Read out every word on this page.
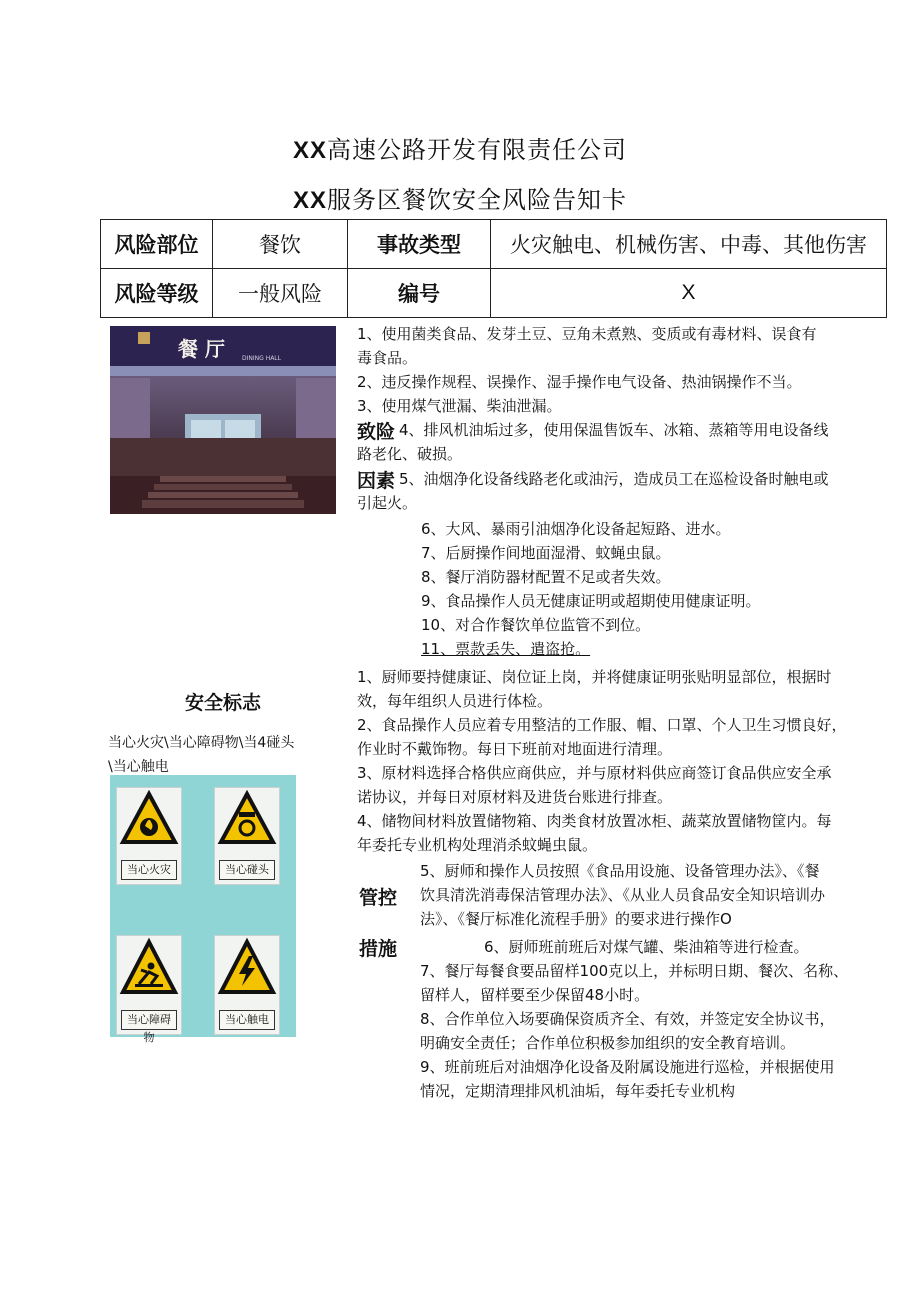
XX高速公路开发有限责任公司
XX服务区餐饮安全风险告知卡
风险部位	餐饮	事故类型	火灾触电、机械伤害、中毒、其他伤害
风险等级	一般风险	编号	X
餐 厅	DINING HALL
致险
因素
1、使用菌类食品、发芽土豆、豆角未煮熟、变质或有毒材料、误食有
毒食品。
2、违反操作规程、误操作、湿手操作电气设备、热油锅操作不当。
3、使用煤气泄漏、柴油泄漏。
4、排风机油垢过多，使用保温售饭车、冰箱、蒸箱等用电设备线
路老化、破损。
5、油烟净化设备线路老化或油污，造成员工在巡检设备时触电或
引起火。
6、大风、暴雨引油烟净化设备起短路、进水。
7、后厨操作间地面湿滑、蚊蝇虫鼠。
8、餐厅消防器材配置不足或者失效。
9、食品操作人员无健康证明或超期使用健康证明。
10、对合作餐饮单位监管不到位。
11、票款丢失、遣盗抢。
安全标志
当心火灾\当心障碍物\当4碰头
\当心触电
当心火灾	当心碰头
当心障碍物
当心触电
管控
措施
1、厨师要持健康证、岗位证上岗，并将健康证明张贴明显部位，根据时
效，每年组织人员进行体检。
2、食品操作人员应着专用整洁的工作服、帽、口罩、个人卫生习惯良好，
作业时不戴饰物。每日下班前对地面进行清理。
3、原材料选择合格供应商供应，并与原材料供应商签订食品供应安全承
诺协议，并每日对原材料及进货台账进行排查。
4、储物间材料放置储物箱、肉类食材放置冰柜、蔬菜放置储物筐内。每
年委托专业机构处理消杀蚊蝇虫鼠。
5、厨师和操作人员按照《食品用设施、设备管理办法》、《餐
饮具清洗消毒保洁管理办法》、《从业人员食品安全知识培训办
法》、《餐厅标准化流程手册》的要求进行操作O
6、厨师班前班后对煤气罐、柴油箱等进行检查。
7、餐厅每餐食要品留样100克以上，并标明日期、餐次、名称、
留样人，留样要至少保留48小时。
8、合作单位入场要确保资质齐全、有效，并签定安全协议书，
明确安全责任；合作单位积极参加组织的安全教育培训。
9、班前班后对油烟净化设备及附属设施进行巡检，并根据使用
情况，定期清理排风机油垢，每年委托专业机构
